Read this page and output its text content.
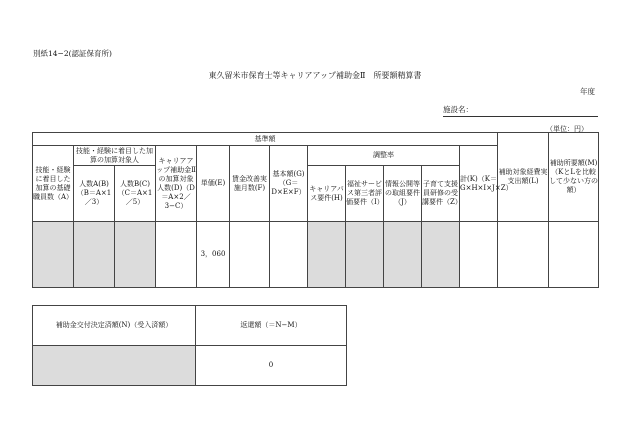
別紙14−2(認証保育所)
東久留米市保育士等キャリアアップ補助金Ⅱ　所要額精算書
年度
施設名：
（単位：円）
基準額												補助対象経費実支出額(L)	補助所要額(M)（KとLを比較して少ない方の額）
技能・経験に着目した加算の基礎職員数（A）	技能・経験に着目した加算の加算対象人		キャリアアップ補助金Ⅱの加算対象人数(D)（D＝A×2／3−C）	単価(E)	賃金改善実施月数(F)	基本額(G)（G＝D×E×F）	調整率				計(K)（K＝G×H×I×J×Z）		
	人数A(B)（B＝A×1／3）	人数B(C)（C＝A×1／5）					キャリアパス要件(H)	福祉サービス第三者評価要件（I）	情報公開等の取組要件（J）	子育て支援員研修の受講要件（Z）			
				3，060									
補助金交付決定済額(N)（受入済額）	返還額（＝N−M）
	0
